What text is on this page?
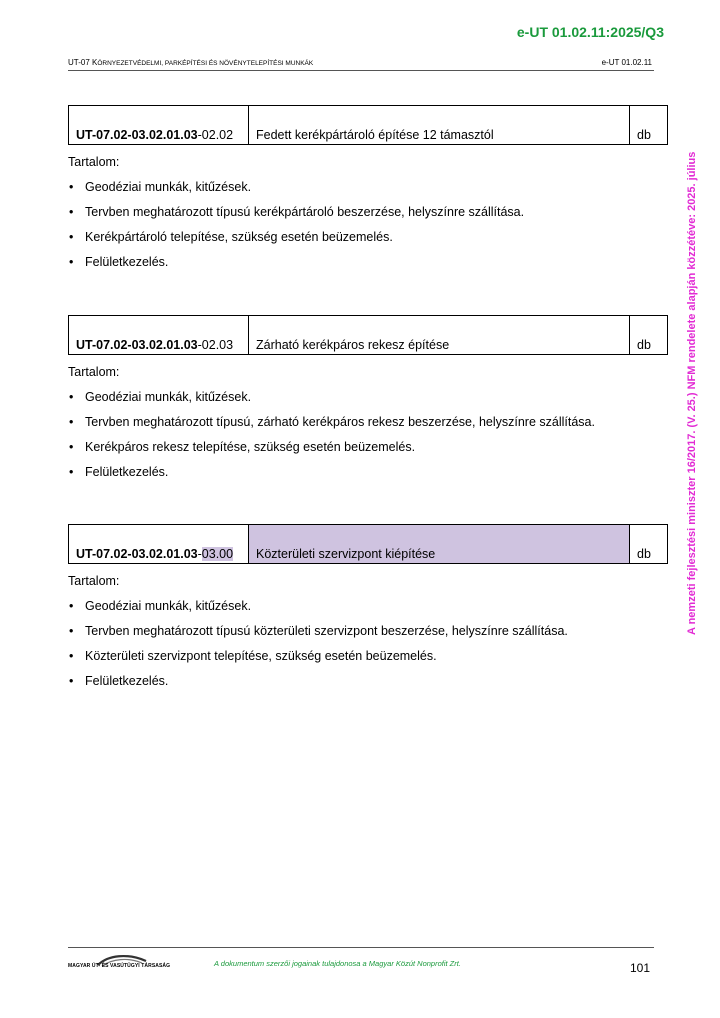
e-UT 01.02.11:2025/Q3
UT-07 KÖRNYEZETVÉDELMI, PARKÉPÍTÉSI ÉS NÖVÉNYTELEPÍTÉSI MUNKÁK	e-UT 01.02.11
A nemzeti fejlesztési miniszter 16/2017. (V. 25.) NFM rendelete alapján közzétéve: 2025. július
UT-07.02-03.02.01.03-02.02	Fedett kerékpártároló építése 12 támasztól	db
Tartalom:
• Geodéziai munkák, kitűzések.
• Tervben meghatározott típusú kerékpártároló beszerzése, helyszínre szállítása.
• Kerékpártároló telepítése, szükség esetén beüzemelés.
• Felületkezelés.
UT-07.02-03.02.01.03-02.03	Zárható kerékpáros rekesz építése	db
Tartalom:
• Geodéziai munkák, kitűzések.
• Tervben meghatározott típusú, zárható kerékpáros rekesz beszerzése, helyszínre szállítása.
• Kerékpáros rekesz telepítése, szükség esetén beüzemelés.
• Felületkezelés.
UT-07.02-03.02.01.03-03.00	Közterületi szervizpont kiépítése	db
Tartalom:
• Geodéziai munkák, kitűzések.
• Tervben meghatározott típusú közterületi szervizpont beszerzése, helyszínre szállítása.
• Közterületi szervizpont telepítése, szükség esetén beüzemelés.
• Felületkezelés.
MAGYAR ÚT- ÉS VASÚTÜGYI TÁRSASÁG	A dokumentum szerzői jogainak tulajdonosa a Magyar Közút Nonprofit Zrt.	101
